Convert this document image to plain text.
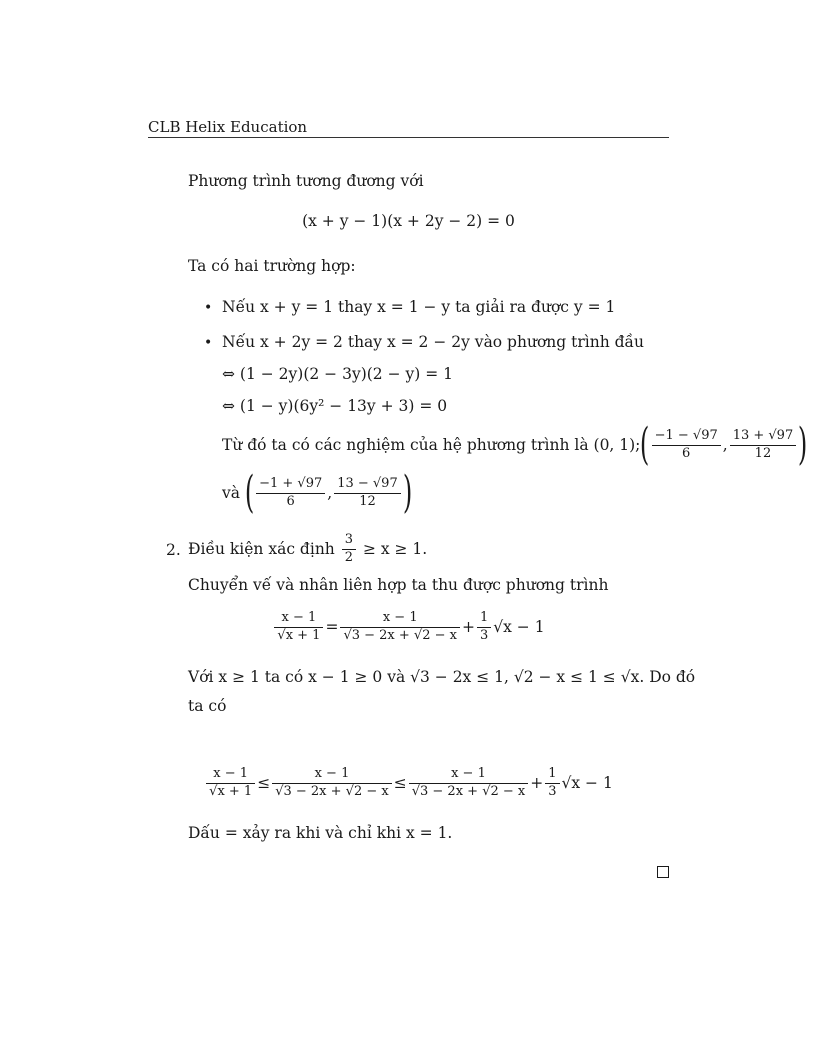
CLB Helix Education
Phương trình tương đương với
(x + y − 1)(x + 2y − 2) = 0
Ta có hai trường hợp:
• Nếu x + y = 1 thay x = 1 − y ta giải ra được y = 1
• Nếu x + 2y = 2 thay x = 2 − 2y vào phương trình đầu
⇔ (1 − 2y)(2 − 3y)(2 − y) = 1
⇔ (1 − y)(6y² − 13y + 3) = 0
Từ đó ta có các nghiệm của hệ phương trình là (0, 1); ( $\frac{-1 - √97}{6}$ , $\frac{13 + √97}{12}$ )
và
( $\frac{-1 + √97}{6}$ , $\frac{13 - √97}{12}$ )
2. Điều kiện xác định
$\frac{3}{2}$
≥ x ≥ 1.
Chuyển vế và nhân liên hợp ta thu được phương trình
$\frac{x - 1}{√x + 1} = \frac{x - 1}{√3 - 2x + √2 - x} + \frac{1}{3} √x - 1$
Với x ≥ 1 ta có x − 1 ≥ 0 và √3 − 2x ≤ 1, √2 − x ≤ 1 ≤ √x. Do đó
ta có
$\frac{x - 1}{√x + 1} \le \frac{x - 1}{√3 - 2x + √2 - x} \le \frac{x - 1}{√3 - 2x + √2 - x} + \frac{1}{3} √x - 1$
Dấu = xảy ra khi và chỉ khi x = 1.
